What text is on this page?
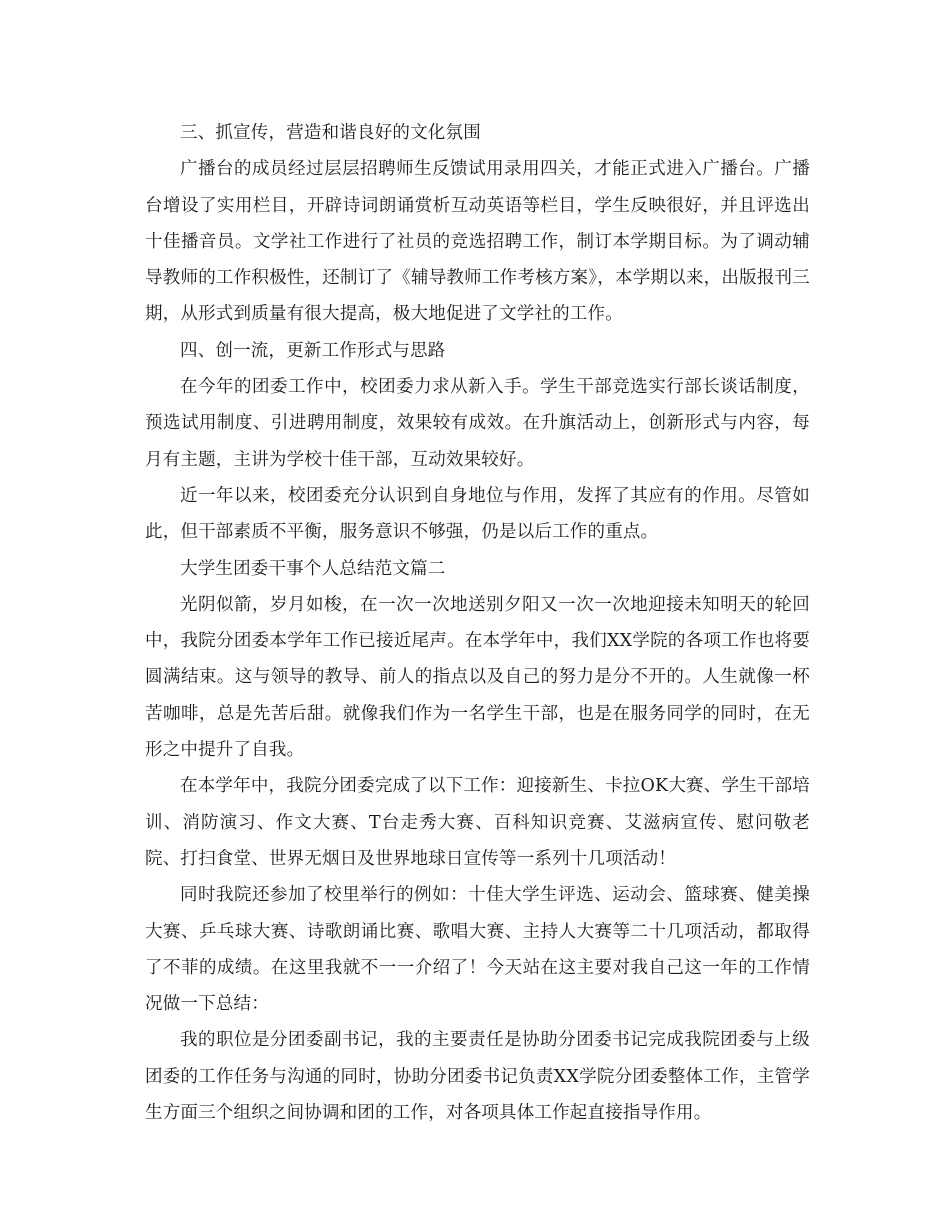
三、抓宣传，营造和谐良好的文化氛围

广播台的成员经过层层招聘师生反馈试用录用四关，才能正式进入广播台。广播台增设了实用栏目，开辟诗词朗诵赏析互动英语等栏目，学生反映很好，并且评选出十佳播音员。文学社工作进行了社员的竞选招聘工作，制订本学期目标。为了调动辅导教师的工作积极性，还制订了《辅导教师工作考核方案》，本学期以来，出版报刊三期，从形式到质量有很大提高，极大地促进了文学社的工作。

四、创一流，更新工作形式与思路

在今年的团委工作中，校团委力求从新入手。学生干部竞选实行部长谈话制度，预选试用制度、引进聘用制度，效果较有成效。在升旗活动上，创新形式与内容，每月有主题，主讲为学校十佳干部，互动效果较好。

近一年以来，校团委充分认识到自身地位与作用，发挥了其应有的作用。尽管如此，但干部素质不平衡，服务意识不够强，仍是以后工作的重点。

大学生团委干事个人总结范文篇二

光阴似箭，岁月如梭，在一次一次地送别夕阳又一次一次地迎接未知明天的轮回中，我院分团委本学年工作已接近尾声。在本学年中，我们XX学院的各项工作也将要圆满结束。这与领导的教导、前人的指点以及自己的努力是分不开的。人生就像一杯苦咖啡，总是先苦后甜。就像我们作为一名学生干部，也是在服务同学的同时，在无形之中提升了自我。

在本学年中，我院分团委完成了以下工作：迎接新生、卡拉OK大赛、学生干部培训、消防演习、作文大赛、T台走秀大赛、百科知识竞赛、艾滋病宣传、慰问敬老院、打扫食堂、世界无烟日及世界地球日宣传等一系列十几项活动！

同时我院还参加了校里举行的例如：十佳大学生评选、运动会、篮球赛、健美操大赛、乒乓球大赛、诗歌朗诵比赛、歌唱大赛、主持人大赛等二十几项活动，都取得了不菲的成绩。在这里我就不一一介绍了！今天站在这主要对我自己这一年的工作情况做一下总结：

我的职位是分团委副书记，我的主要责任是协助分团委书记完成我院团委与上级团委的工作任务与沟通的同时，协助分团委书记负责XX学院分团委整体工作，主管学生方面三个组织之间协调和团的工作，对各项具体工作起直接指导作用。
